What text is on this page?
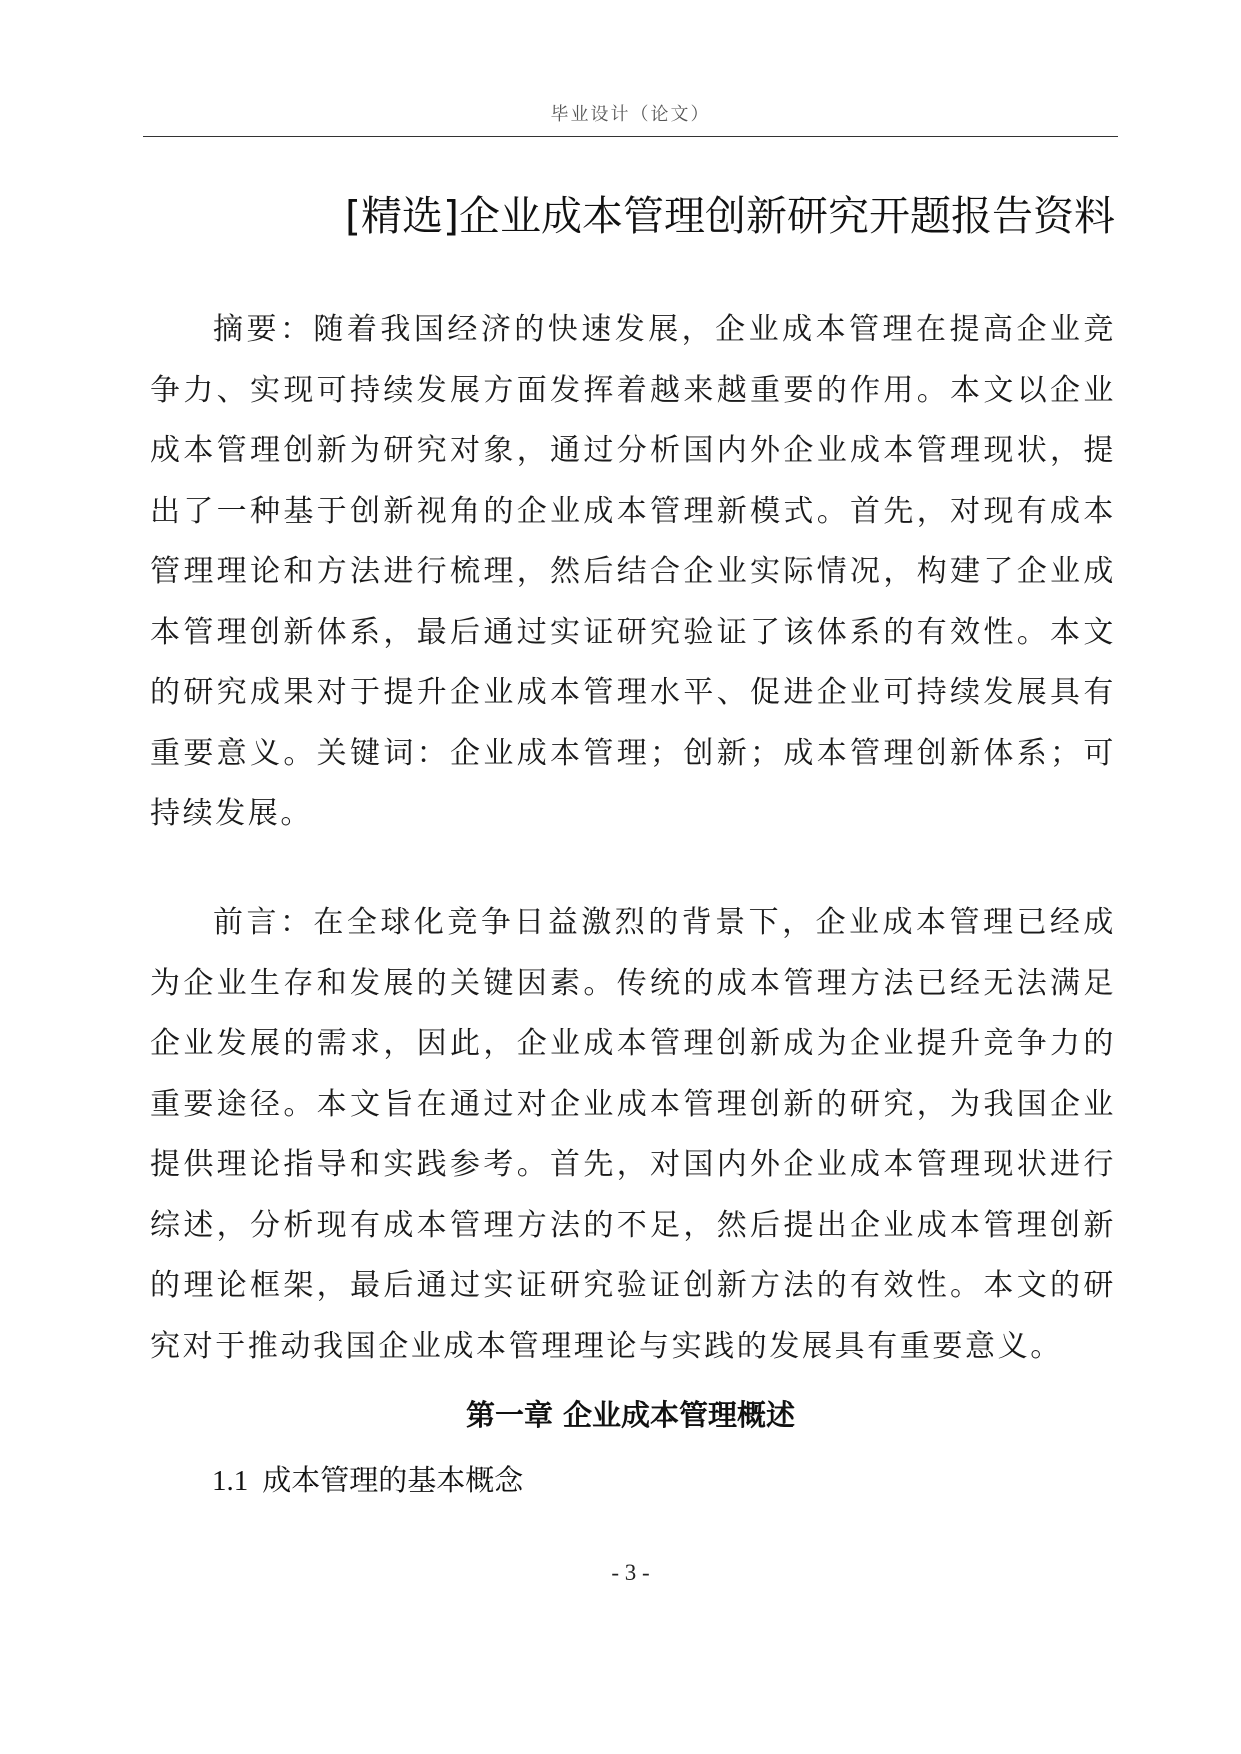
毕业设计（论文）
[精选]企业成本管理创新研究开题报告资料

摘要：随着我国经济的快速发展，企业成本管理在提高企业竞争力、实现可持续发展方面发挥着越来越重要的作用。本文以企业成本管理创新为研究对象，通过分析国内外企业成本管理现状，提出了一种基于创新视角的企业成本管理新模式。首先，对现有成本管理理论和方法进行梳理，然后结合企业实际情况，构建了企业成本管理创新体系，最后通过实证研究验证了该体系的有效性。本文的研究成果对于提升企业成本管理水平、促进企业可持续发展具有重要意义。关键词：企业成本管理；创新；成本管理创新体系；可持续发展。

前言：在全球化竞争日益激烈的背景下，企业成本管理已经成为企业生存和发展的关键因素。传统的成本管理方法已经无法满足企业发展的需求，因此，企业成本管理创新成为企业提升竞争力的重要途径。本文旨在通过对企业成本管理创新的研究，为我国企业提供理论指导和实践参考。首先，对国内外企业成本管理现状进行综述，分析现有成本管理方法的不足，然后提出企业成本管理创新的理论框架，最后通过实证研究验证创新方法的有效性。本文的研究对于推动我国企业成本管理理论与实践的发展具有重要意义。

第一章 企业成本管理概述
1.1 成本管理的基本概念
- 3 -
